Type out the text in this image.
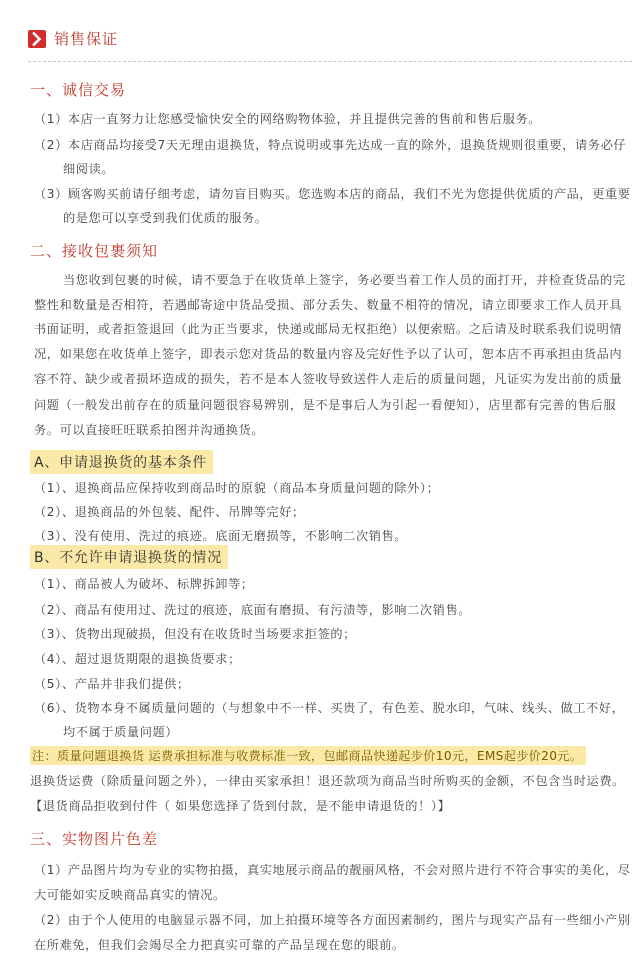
销售保证
一、诚信交易
（1）本店一直努力让您感受愉快安全的网络购物体验，并且提供完善的售前和售后服务。
（2）本店商品均接受7天无理由退换货，特点说明或事先达成一直的除外，退换货规则很重要，请务必仔
细阅读。
（3）顾客购买前请仔细考虑，请勿盲目购买。您选购本店的商品，我们不光为您提供优质的产品，更重要
的是您可以享受到我们优质的服务。
二、接收包裹须知
当您收到包裹的时候，请不要急于在收货单上签字，务必要当着工作人员的面打开，并检查货品的完
整性和数量是否相符，若遇邮寄途中货品受损、部分丢失、数量不相符的情况，请立即要求工作人员开具
书面证明，或者拒签退回（此为正当要求，快递或邮局无权拒绝）以便索赔。之后请及时联系我们说明情
况，如果您在收货单上签字，即表示您对货品的数量内容及完好性予以了认可，恕本店不再承担由货品内
容不符、缺少或者损坏造成的损失，若不是本人签收导致送件人走后的质量问题，凡证实为发出前的质量
问题（一般发出前存在的质量问题很容易辨别，是不是事后人为引起一看便知），店里都有完善的售后服
务。可以直接旺旺联系拍图并沟通换货。
A、申请退换货的基本条件
（1）、退换商品应保持收到商品时的原貌（商品本身质量问题的除外）；
（2）、退换商品的外包装、配件、吊牌等完好；
（3）、没有使用、洗过的痕迹。底面无磨损等，不影响二次销售。
B、不允许申请退换货的情况
（1）、商品被人为破坏、标牌拆卸等；
（2）、商品有使用过、洗过的痕迹，底面有磨损、有污渍等，影响二次销售。
（3）、货物出现破损，但没有在收货时当场要求拒签的；
（4）、超过退货期限的退换货要求；
（5）、产品并非我们提供；
（6）、货物本身不属质量问题的（与想象中不一样、买贵了，有色差、脱水印，气味、线头、做工不好，
均不属于质量问题）
注：质量问题退换货 运费承担标准与收费标准一致，包邮商品快递起步价10元，EMS起步价20元。
退换货运费（除质量问题之外），一律由买家承担！退还款项为商品当时所购买的金额，不包含当时运费。
【退货商品拒收到付件（ 如果您选择了货到付款，是不能申请退货的！）】
三、实物图片色差
（1）产品图片均为专业的实物拍摄，真实地展示商品的靓丽风格，不会对照片进行不符合事实的美化，尽
大可能如实反映商品真实的情况。
（2）由于个人使用的电脑显示器不同，加上拍摄环境等各方面因素制约，图片与现实产品有一些细小产别
在所难免，但我们会竭尽全力把真实可靠的产品呈现在您的眼前。
